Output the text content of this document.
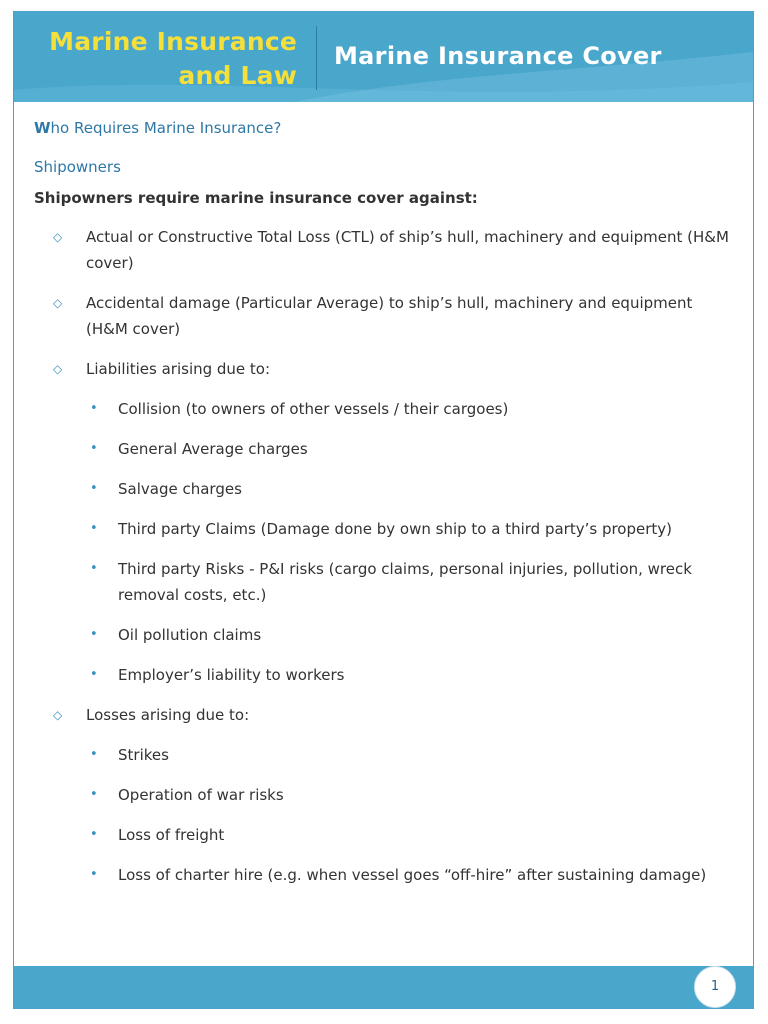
Marine Insurance
and Law
Marine Insurance Cover
Who Requires Marine Insurance?
Shipowners
Shipowners require marine insurance cover against:
◇ Actual or Constructive Total Loss (CTL) of ship’s hull, machinery and equipment (H&M cover)
◇ Accidental damage (Particular Average) to ship’s hull, machinery and equipment (H&M cover)
◇ Liabilities arising due to:
• Collision (to owners of other vessels / their cargoes)
• General Average charges
• Salvage charges
• Third party Claims (Damage done by own ship to a third party’s property)
• Third party Risks - P&I risks (cargo claims, personal injuries, pollution, wreck removal costs, etc.)
• Oil pollution claims
• Employer’s liability to workers
◇ Losses arising due to:
• Strikes
• Operation of war risks
• Loss of freight
• Loss of charter hire (e.g. when vessel goes “off-hire” after sustaining damage)
1
